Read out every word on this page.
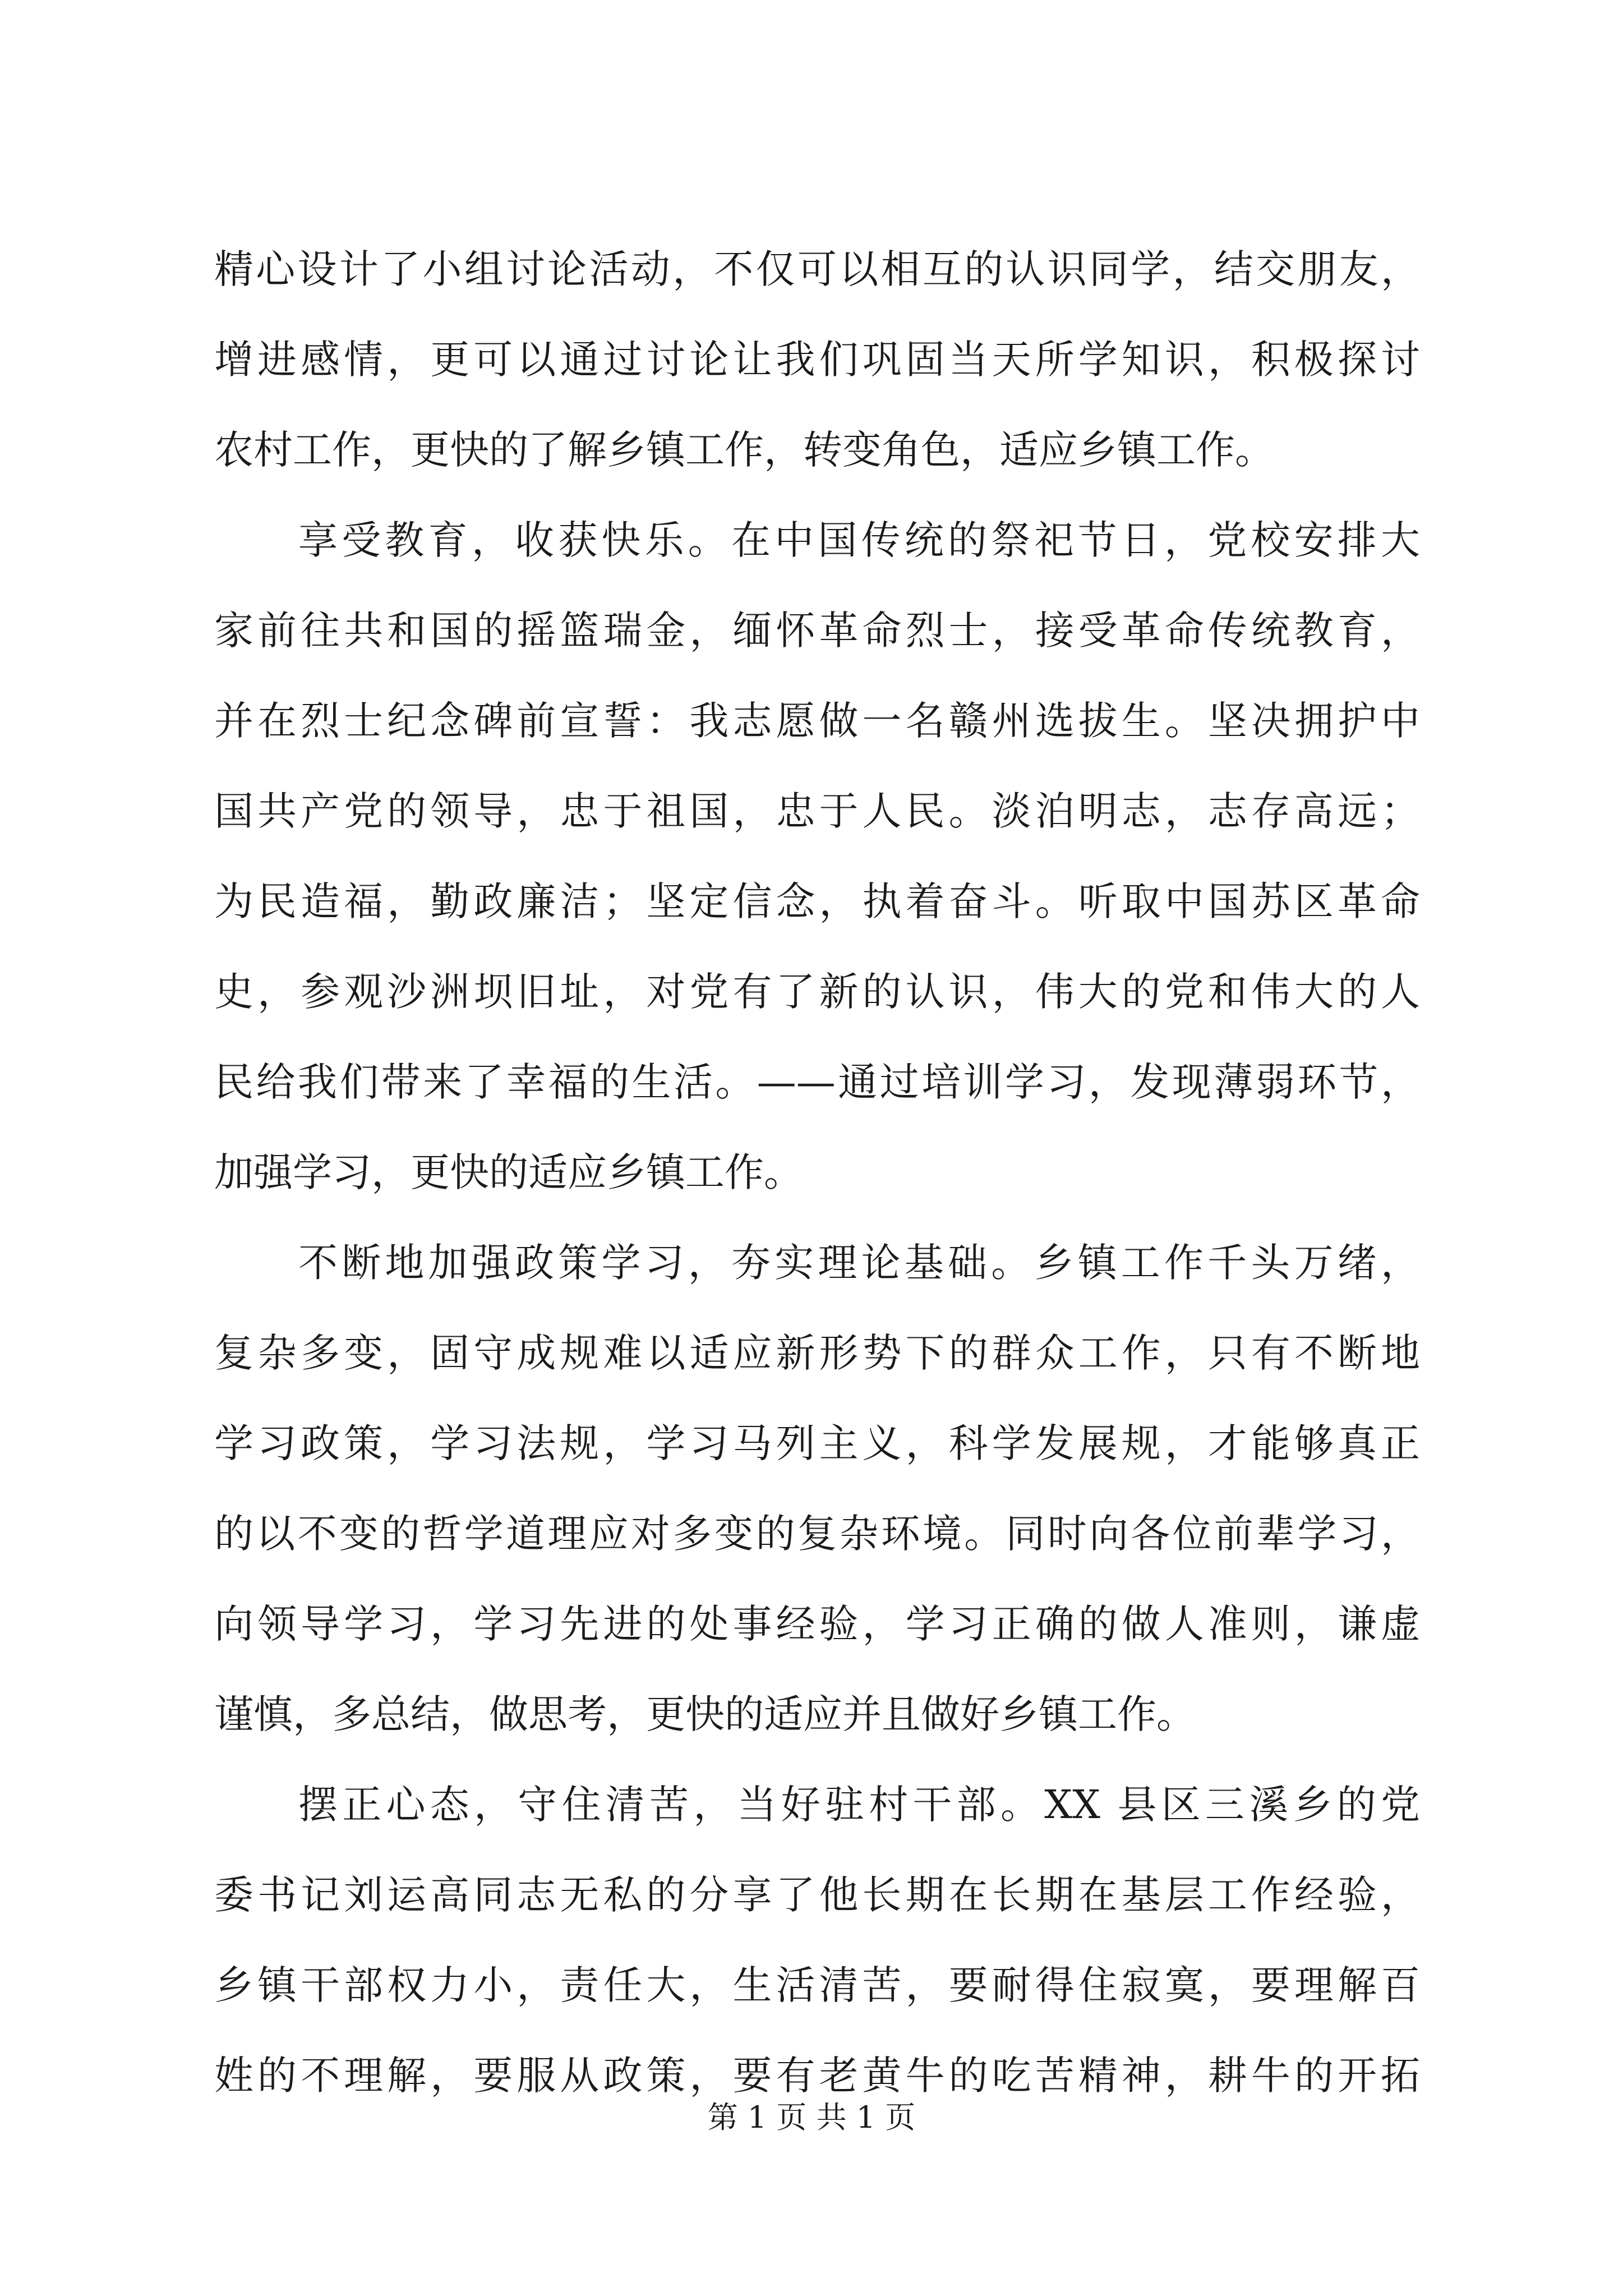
精心设计了小组讨论活动，不仅可以相互的认识同学，结交朋友，
增进感情，更可以通过讨论让我们巩固当天所学知识，积极探讨
农村工作，更快的了解乡镇工作，转变角色，适应乡镇工作。
享受教育，收获快乐。在中国传统的祭祀节日，党校安排大
家前往共和国的摇篮瑞金，缅怀革命烈士，接受革命传统教育，
并在烈士纪念碑前宣誓：我志愿做一名赣州选拔生。坚决拥护中
国共产党的领导，忠于祖国，忠于人民。淡泊明志，志存高远；
为民造福，勤政廉洁；坚定信念，执着奋斗。听取中国苏区革命
史，参观沙洲坝旧址，对党有了新的认识，伟大的党和伟大的人
民给我们带来了幸福的生活。——通过培训学习，发现薄弱环节，
加强学习，更快的适应乡镇工作。
不断地加强政策学习，夯实理论基础。乡镇工作千头万绪，
复杂多变，固守成规难以适应新形势下的群众工作，只有不断地
学习政策，学习法规，学习马列主义，科学发展规，才能够真正
的以不变的哲学道理应对多变的复杂环境。同时向各位前辈学习，
向领导学习，学习先进的处事经验，学习正确的做人准则，谦虚
谨慎，多总结，做思考，更快的适应并且做好乡镇工作。
摆正心态，守住清苦，当好驻村干部。XX 县区三溪乡的党
委书记刘运高同志无私的分享了他长期在长期在基层工作经验，
乡镇干部权力小，责任大，生活清苦，要耐得住寂寞，要理解百
姓的不理解，要服从政策，要有老黄牛的吃苦精神，耕牛的开拓
第 1 页 共 1 页
